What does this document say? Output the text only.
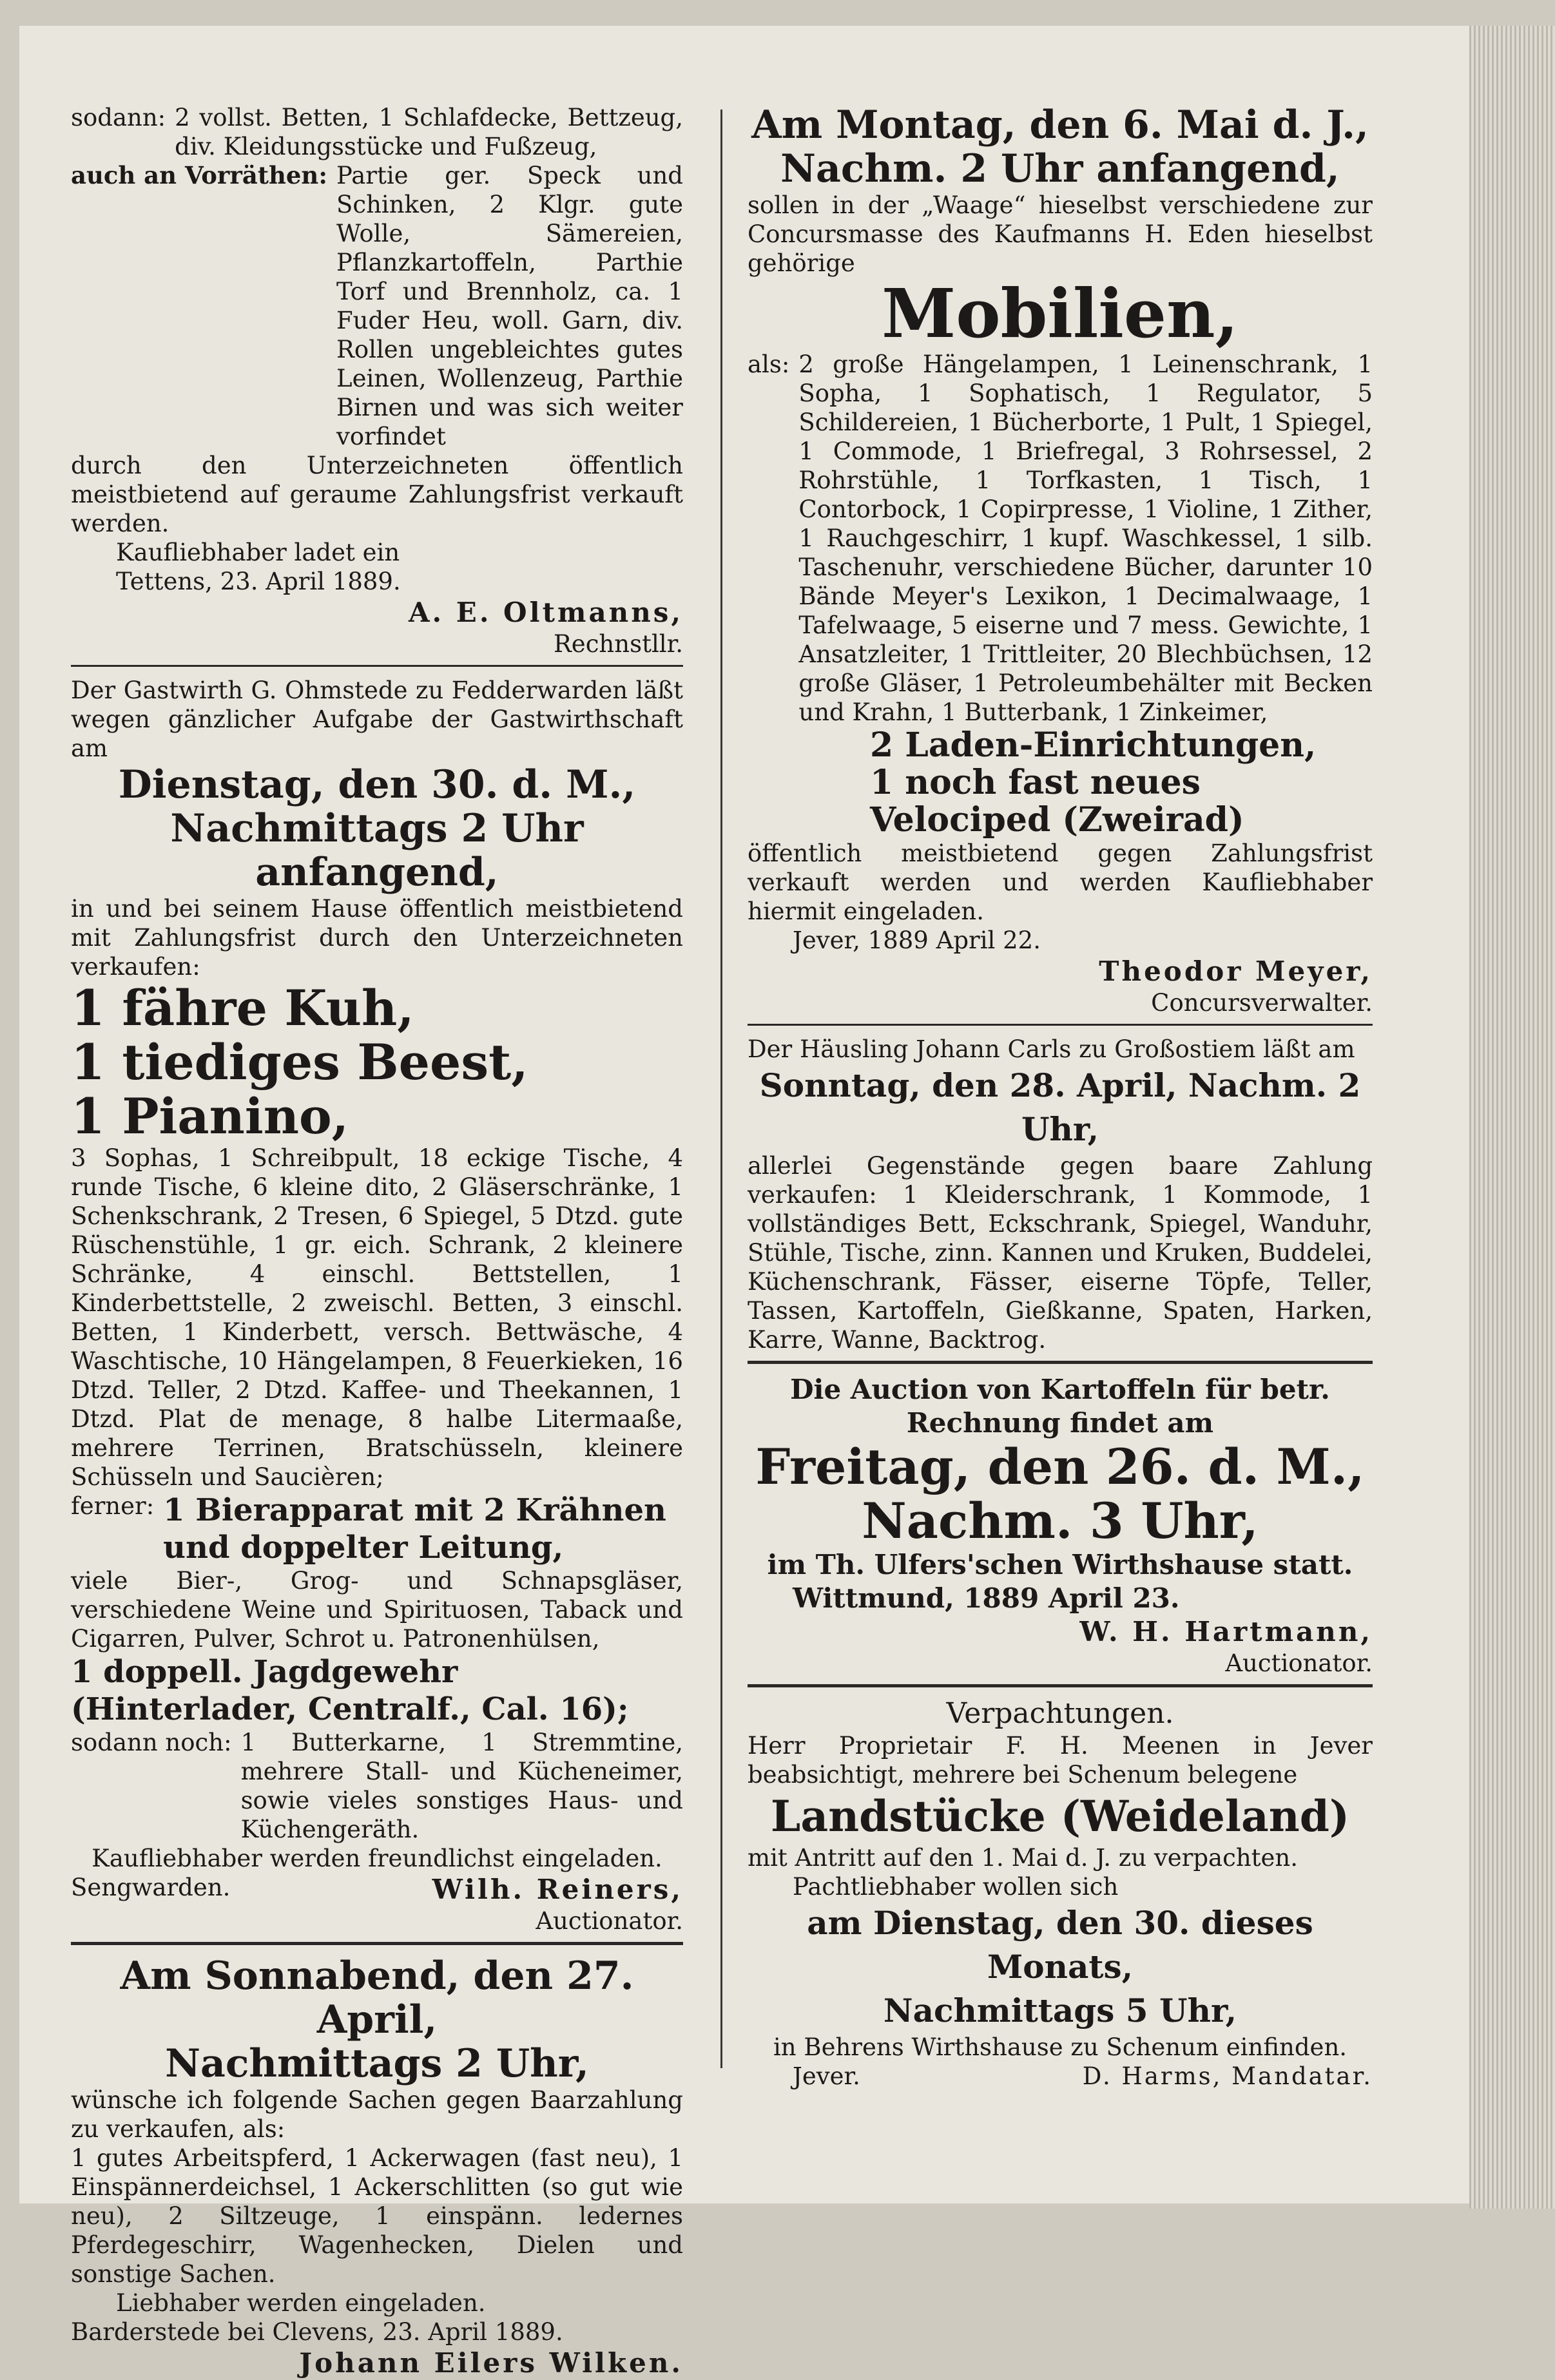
sodann: 2 vollst. Betten, 1 Schlafdecke, Bettzeug, div. Kleidungsstücke und Fußzeug,

auch an Vorräthen: Partie ger. Speck und Schinken, 2 Klgr. gute Wolle, Sämereien, Pflanzkartoffeln, Parthie Torf und Brennholz, ca. 1 Fuder Heu, woll. Garn, div. Rollen ungebleichtes gutes Leinen, Wollenzeug, Parthie Birnen und was sich weiter vorfindet

durch den Unterzeichneten öffentlich meistbietend auf geraume Zahlungsfrist verkauft werden.

Kaufliebhaber ladet ein

Tettens, 23. April 1889.

A. E. Oltmanns,

Rechnstllr.

Der Gastwirth G. Ohmstede zu Fedderwarden läßt wegen gänzlicher Aufgabe der Gastwirthschaft am

Dienstag, den 30. d. M.,

Nachmittags 2 Uhr anfangend,

in und bei seinem Hause öffentlich meistbietend mit Zahlungsfrist durch den Unterzeichneten verkaufen:

1 fähre Kuh,

1 tiediges Beest,

1 Pianino,

3 Sophas, 1 Schreibpult, 18 eckige Tische, 4 runde Tische, 6 kleine dito, 2 Gläserschränke, 1 Schenkschrank, 2 Tresen, 6 Spiegel, 5 Dtzd. gute Rüschenstühle, 1 gr. eich. Schrank, 2 kleinere Schränke, 4 einschl. Bettstellen, 1 Kinderbettstelle, 2 zweischl. Betten, 3 einschl. Betten, 1 Kinderbett, versch. Bettwäsche, 4 Waschtische, 10 Hängelampen, 8 Feuerkieken, 16 Dtzd. Teller, 2 Dtzd. Kaffee- und Theekannen, 1 Dtzd. Plat de menage, 8 halbe Litermaaße, mehrere Terrinen, Bratschüsseln, kleinere Schüsseln und Saucièren;

ferner: 1 Bierapparat mit 2 Krähnen und doppelter Leitung,

viele Bier-, Grog- und Schnapsgläser, verschiedene Weine und Spirituosen, Taback und Cigarren, Pulver, Schrot u. Patronenhülsen,

1 doppell. Jagdgewehr (Hinterlader, Centralf., Cal. 16);

sodann noch: 1 Butterkarne, 1 Stremmtine, mehrere Stall- und Kücheneimer, sowie vieles sonstiges Haus- und Küchengeräth.

Kaufliebhaber werden freundlichst eingeladen.

Sengwarden.	Wilh. Reiners,

Auctionator.

Am Sonnabend, den 27. April,

Nachmittags 2 Uhr,

wünsche ich folgende Sachen gegen Baarzahlung zu verkaufen, als:

1 gutes Arbeitspferd, 1 Ackerwagen (fast neu), 1 Einspännerdeichsel, 1 Ackerschlitten (so gut wie neu), 2 Siltzeuge, 1 einspänn. ledernes Pferdegeschirr, Wagenhecken, Dielen und sonstige Sachen.

Liebhaber werden eingeladen.

Barderstede bei Clevens, 23. April 1889.

Johann Eilers Wilken.

Am Montag, den 6. Mai d. J.,

Nachm. 2 Uhr anfangend,

sollen in der „Waage“ hieselbst verschiedene zur Concursmasse des Kaufmanns H. Eden hieselbst gehörige

Mobilien,

als: 2 große Hängelampen, 1 Leinenschrank, 1 Sopha, 1 Sophatisch, 1 Regulator, 5 Schildereien, 1 Bücherborte, 1 Pult, 1 Spiegel, 1 Commode, 1 Briefregal, 3 Rohrsessel, 2 Rohrstühle, 1 Torfkasten, 1 Tisch, 1 Contorbock, 1 Copirpresse, 1 Violine, 1 Zither, 1 Rauchgeschirr, 1 kupf. Waschkessel, 1 silb. Taschenuhr, verschiedene Bücher, darunter 10 Bände Meyer's Lexikon, 1 Decimalwaage, 1 Tafelwaage, 5 eiserne und 7 mess. Gewichte, 1 Ansatzleiter, 1 Trittleiter, 20 Blechbüchsen, 12 große Gläser, 1 Petroleumbehälter mit Becken und Krahn, 1 Butterbank, 1 Zinkeimer,

2 Laden-Einrichtungen,

1 noch fast neues Velociped (Zweirad)

öffentlich meistbietend gegen Zahlungsfrist verkauft werden und werden Kaufliebhaber hiermit eingeladen.

Jever, 1889 April 22.

Theodor Meyer,

Concursverwalter.

Der Häusling Johann Carls zu Großostiem läßt am

Sonntag, den 28. April, Nachm. 2 Uhr,

allerlei Gegenstände gegen baare Zahlung verkaufen: 1 Kleiderschrank, 1 Kommode, 1 vollständiges Bett, Eckschrank, Spiegel, Wanduhr, Stühle, Tische, zinn. Kannen und Kruken, Buddelei, Küchenschrank, Fässer, eiserne Töpfe, Teller, Tassen, Kartoffeln, Gießkanne, Spaten, Harken, Karre, Wanne, Backtrog.

Die Auction von Kartoffeln für betr. Rechnung findet am

Freitag, den 26. d. M.,

Nachm. 3 Uhr,

im Th. Ulfers'schen Wirthshause statt.

Wittmund, 1889 April 23.

W. H. Hartmann,

Auctionator.

Verpachtungen.

Herr Proprietair F. H. Meenen in Jever beabsichtigt, mehrere bei Schenum belegene

Landstücke (Weideland)

mit Antritt auf den 1. Mai d. J. zu verpachten.

Pachtliebhaber wollen sich

am Dienstag, den 30. dieses Monats,

Nachmittags 5 Uhr,

in Behrens Wirthshause zu Schenum einfinden.

Jever.	D. Harms, Mandatar.
